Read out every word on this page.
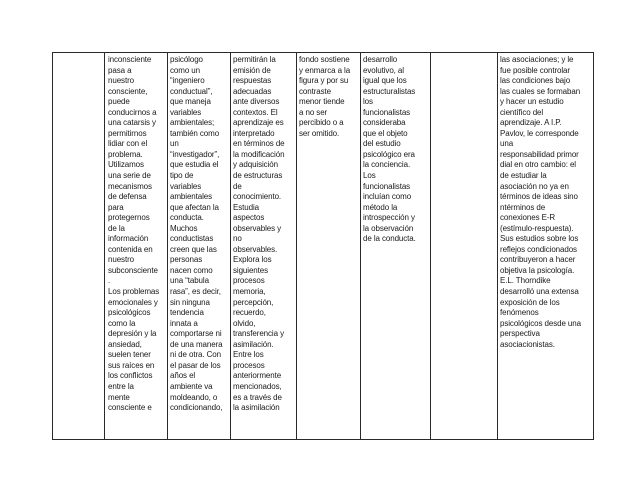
inconsciente
pasa a
nuestro
consciente,
puede
conducirnos a
una catarsis y
permitirnos
lidiar con el
problema.
Utilizamos
una serie de
mecanismos
de defensa
para
protegernos
de la
información
contenida en
nuestro
subconsciente
.
Los problemas
emocionales y
psicológicos
como la
depresión y la
ansiedad,
suelen tener
sus raíces en
los conflictos
entre la
mente
consciente e
psicólogo
como un
“ingeniero
conductual”,
que maneja
variables
ambientales;
también como
un
“investigador”,
que estudia el
tipo de
variables
ambientales
que afectan la
conducta.
Muchos
conductistas
creen que las
personas
nacen como
una “tabula
rasa”, es decir,
sin ninguna
tendencia
innata a
comportarse ni
de una manera
ni de otra. Con
el pasar de los
años el
ambiente va
moldeando, o
condicionando,
permitirán la
emisión de
respuestas
adecuadas
ante diversos
contextos. El
aprendizaje es
interpretado
en términos de
la modificación
y adquisición
de estructuras
de
conocimiento.
Estudia
aspectos
observables y
no
observables.
Explora los
siguientes
procesos
memoria,
percepción,
recuerdo,
olvido,
transferencia y
asimilación.
Entre los
procesos
anteriormente
mencionados,
es a través de
la asimilación
fondo sostiene
y enmarca a la
figura y por su
contraste
menor tiende
a no ser
percibido o a
ser omitido.
desarrollo
evolutivo, al
igual que los
estructuralistas
los
funcionalistas
consideraba
que el objeto
del estudio
psicológico era
la conciencia.
Los
funcionalistas
incluían como
método la
introspección y
la observación
de la conducta.
las asociaciones; y le
fue posible controlar
las condiciones bajo
las cuales se formaban
y hacer un estudio
científico del
aprendizaje. A I.P.
Pavlov, le corresponde
una
responsabilidad primor
dial en otro cambio: el
de estudiar la
asociación no ya en
términos de ideas sino
ntérminos de
conexiones E-R
(estímulo-respuesta).
Sus estudios sobre los
reflejos condicionados
contribuyeron a hacer
objetiva la psicología.
E.L. Thorndike
desarrolló una extensa
exposición de los
fenómenos
psicológicos desde una
perspectiva
asociacionistas.
